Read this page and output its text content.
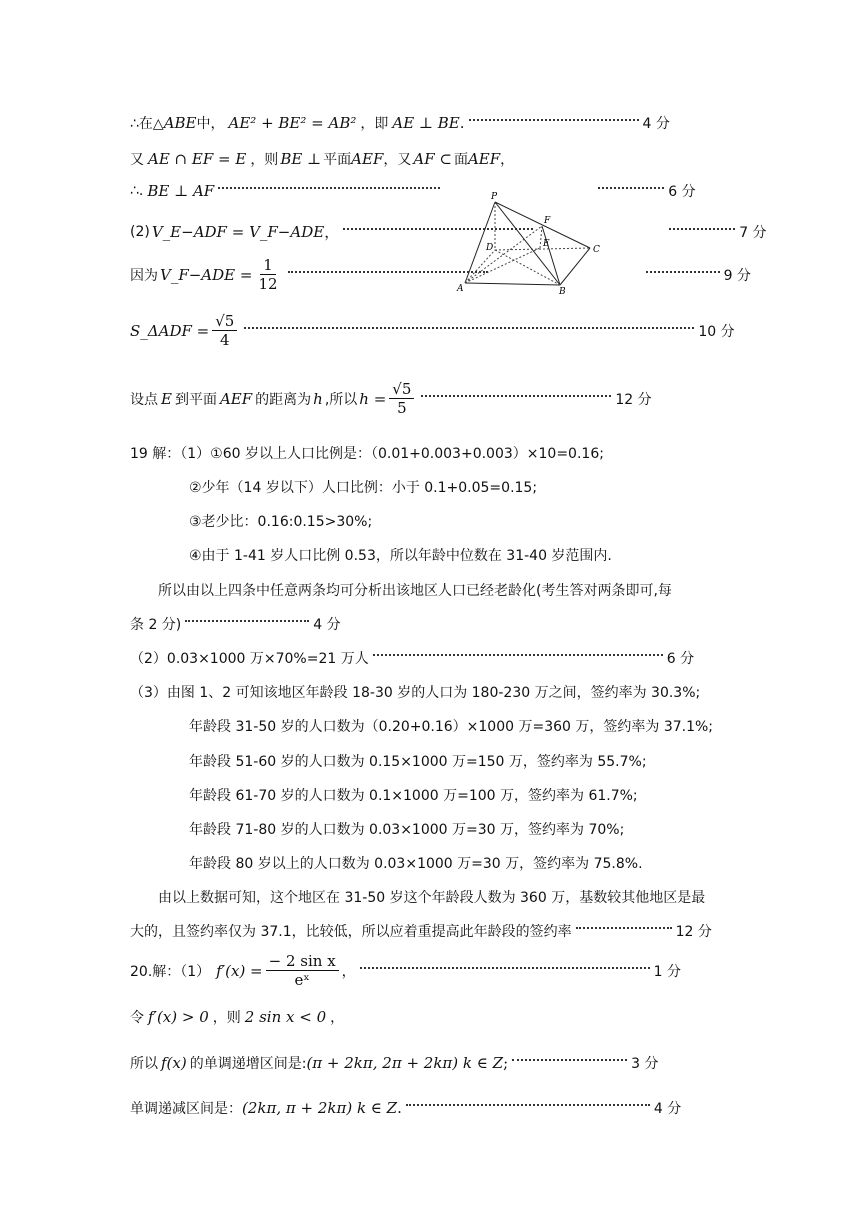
∴在△ ABE 中， AE² + BE² = AB² ，即 AE ⊥ BE .	4 分
又 AE ∩ EF = E ，则 BE ⊥ 平面 AEF ，又 AF ⊂ 面 AEF ，
∴. BE ⊥ AF	6 分
(2) V_E−ADF = V_F−ADE ，	7 分
因为 V_F−ADE = $\frac{1}{12}$	9 分
S_ΔADF = $\frac{√5}{4}$	10 分
设点 E 到平面 AEF 的距离为 h ,所以 $h = \frac{√5}{5}$	12 分
P
F
D	E
C
A	B
19 解：（1）①60 岁以上人口比例是：（0.01+0.003+0.003）×10=0.16;
②少年（14 岁以下）人口比例：小于 0.1+0.05=0.15;
③老少比：0.16:0.15>30%;
④由于 1-41 岁人口比例 0.53，所以年龄中位数在 31-40 岁范围内.
所以由以上四条中任意两条均可分析出该地区人口已经老龄化(考生答对两条即可,每
条 2 分)	4 分
（2）0.03×1000 万×70%=21 万人	6 分
（3）由图 1、2 可知该地区年龄段 18-30 岁的人口为 180-230 万之间，签约率为 30.3%;
年龄段 31-50 岁的人口数为（0.20+0.16）×1000 万=360 万，签约率为 37.1%;
年龄段 51-60 岁的人口数为 0.15×1000 万=150 万，签约率为 55.7%;
年龄段 61-70 岁的人口数为 0.1×1000 万=100 万，签约率为 61.7%;
年龄段 71-80 岁的人口数为 0.03×1000 万=30 万，签约率为 70%;
年龄段 80 岁以上的人口数为 0.03×1000 万=30 万，签约率为 75.8%.
由以上数据可知，这个地区在 31-50 岁这个年龄段人数为 360 万，基数较其他地区是最
大的，且签约率仅为 37.1，比较低，所以应着重提高此年龄段的签约率	12 分
20.解：（1） $f'(x) = \frac{\text{− 2 sin x}}{\text{eˣ}}$ ，	1 分
令 f′(x) > 0 ，则 2 sin x < 0 ，
所以 f(x) 的单调递增区间是: (π + 2kπ, 2π + 2kπ) k ∈ Z ;	3 分
单调递减区间是： (2kπ, π + 2kπ) k ∈ Z .	4 分
